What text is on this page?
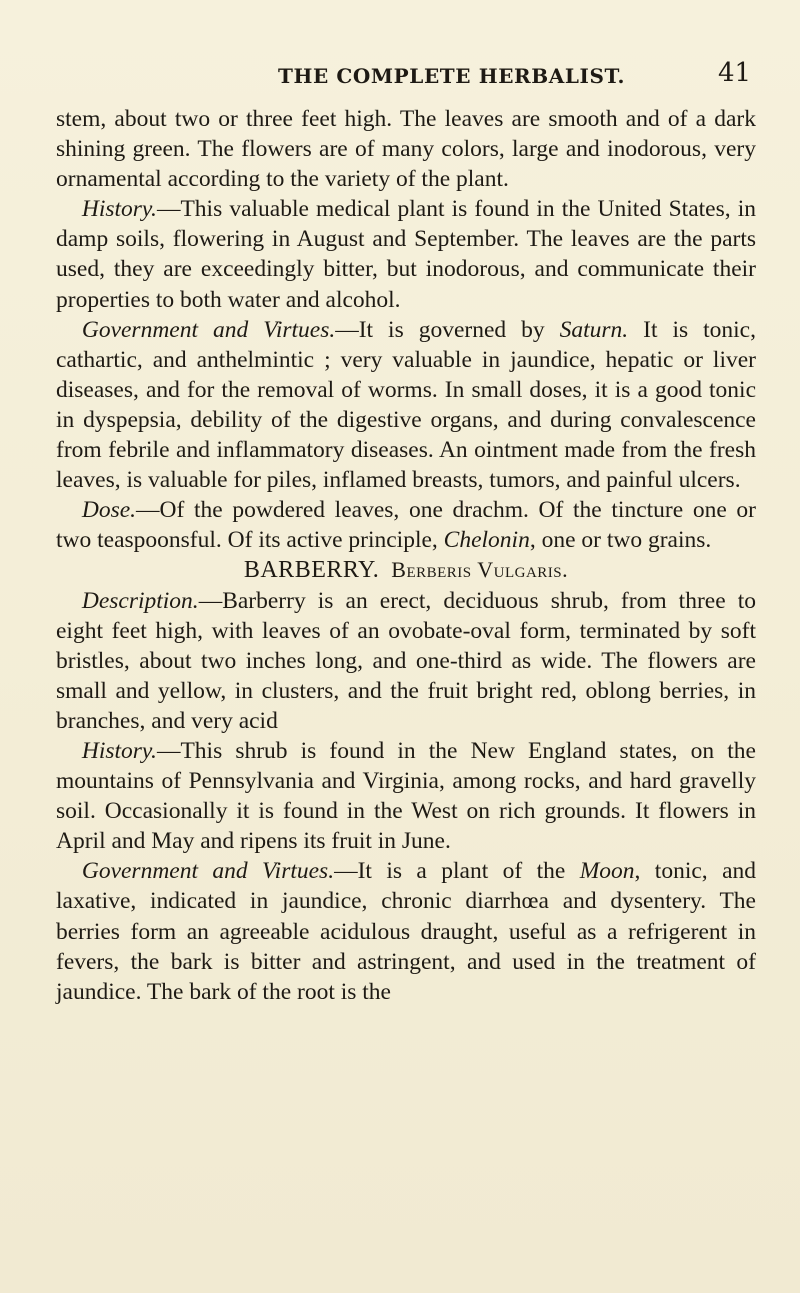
THE COMPLETE HERBALIST.	41

stem, about two or three feet high. The leaves are smooth and of a dark shining green. The flowers are of many colors, large and inodorous, very ornamental according to the variety of the plant.

History.—This valuable medical plant is found in the United States, in damp soils, flowering in August and September. The leaves are the parts used, they are exceedingly bitter, but inodorous, and communicate their properties to both water and alcohol.

Government and Virtues.—It is governed by Saturn. It is tonic, cathartic, and anthelmintic ; very valuable in jaundice, hepatic or liver diseases, and for the removal of worms. In small doses, it is a good tonic in dyspepsia, debility of the digestive organs, and during convalescence from febrile and inflammatory diseases. An ointment made from the fresh leaves, is valuable for piles, inflamed breasts, tumors, and painful ulcers.

Dose.—Of the powdered leaves, one drachm. Of the tincture one or two teaspoonsful. Of its active principle, Chelonin, one or two grains.

BARBERRY. Berberis Vulgaris.

Description.—Barberry is an erect, deciduous shrub, from three to eight feet high, with leaves of an ovobate-oval form, terminated by soft bristles, about two inches long, and one-third as wide. The flowers are small and yellow, in clusters, and the fruit bright red, oblong berries, in branches, and very acid

History.—This shrub is found in the New England states, on the mountains of Pennsylvania and Virginia, among rocks, and hard gravelly soil. Occasionally it is found in the West on rich grounds. It flowers in April and May and ripens its fruit in June.

Government and Virtues.—It is a plant of the Moon, tonic, and laxative, indicated in jaundice, chronic diarrhœa and dysentery. The berries form an agreeable acidulous draught, useful as a refrigerent in fevers, the bark is bitter and astringent, and used in the treatment of jaundice. The bark of the root is the
